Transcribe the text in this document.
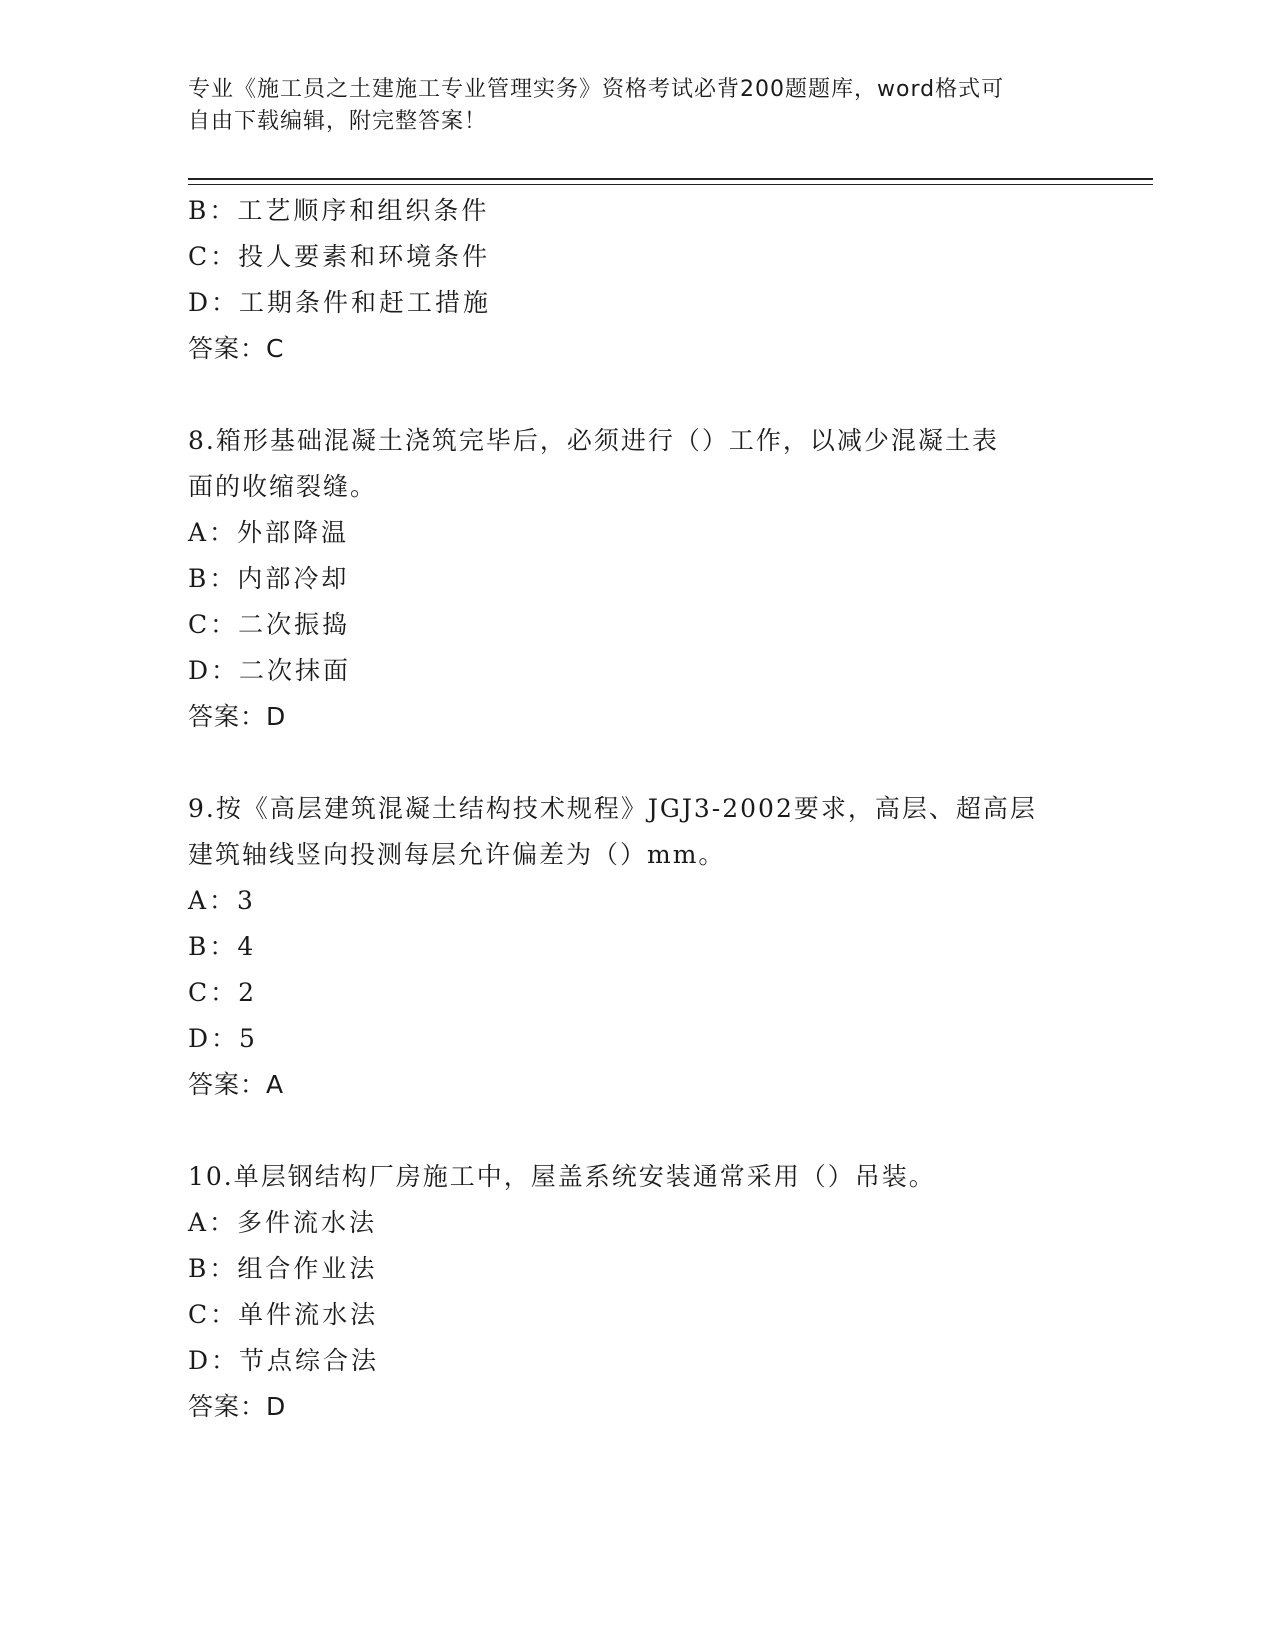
专业《施工员之土建施工专业管理实务》资格考试必背200题题库，word格式可
自由下载编辑，附完整答案！
B：工艺顺序和组织条件
C：投人要素和环境条件
D：工期条件和赶工措施
答案：C
8.箱形基础混凝土浇筑完毕后，必须进行（）工作，以减少混凝土表
面的收缩裂缝。
A：外部降温
B：内部冷却
C：二次振捣
D：二次抹面
答案：D
9.按《高层建筑混凝土结构技术规程》JGJ3-2002要求，高层、超高层
建筑轴线竖向投测每层允许偏差为（）mm。
A：3
B：4
C：2
D：5
答案：A
10.单层钢结构厂房施工中，屋盖系统安装通常采用（）吊装。
A：多件流水法
B：组合作业法
C：单件流水法
D：节点综合法
答案：D
